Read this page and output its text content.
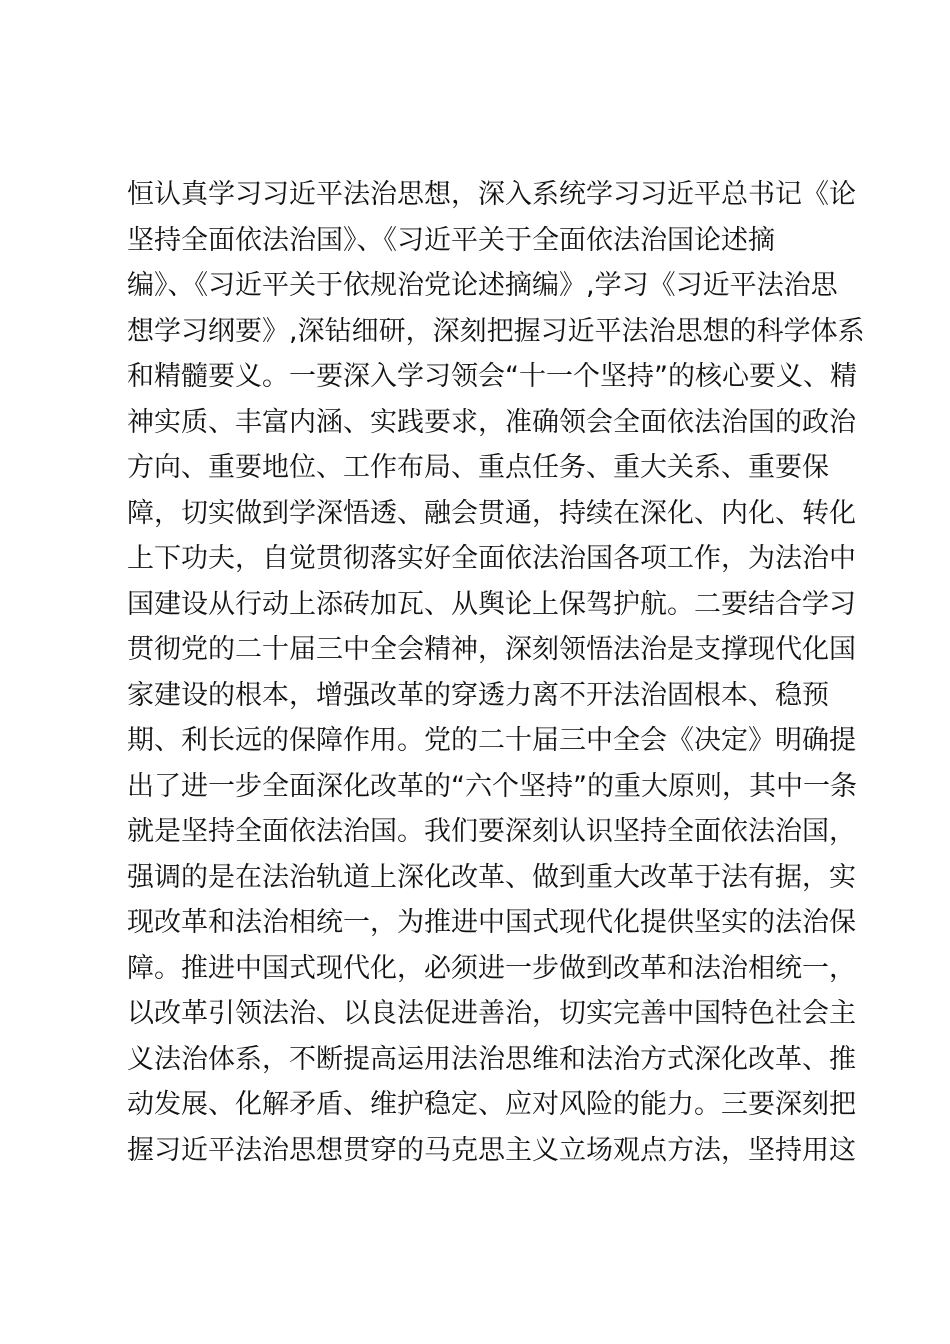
恒认真学习习近平法治思想，深入系统学习习近平总书记《论
坚持全面依法治国》、《习近平关于全面依法治国论述摘
编》、《习近平关于依规治党论述摘编》,学习《习近平法治思
想学习纲要》,深钻细研，深刻把握习近平法治思想的科学体系
和精髓要义。一要深入学习领会“十一个坚持”的核心要义、精
神实质、丰富内涵、实践要求，准确领会全面依法治国的政治
方向、重要地位、工作布局、重点任务、重大关系、重要保
障，切实做到学深悟透、融会贯通，持续在深化、内化、转化
上下功夫，自觉贯彻落实好全面依法治国各项工作，为法治中
国建设从行动上添砖加瓦、从舆论上保驾护航。二要结合学习
贯彻党的二十届三中全会精神，深刻领悟法治是支撑现代化国
家建设的根本，增强改革的穿透力离不开法治固根本、稳预
期、利长远的保障作用。党的二十届三中全会《决定》明确提
出了进一步全面深化改革的“六个坚持”的重大原则，其中一条
就是坚持全面依法治国。我们要深刻认识坚持全面依法治国，
强调的是在法治轨道上深化改革、做到重大改革于法有据，实
现改革和法治相统一，为推进中国式现代化提供坚实的法治保
障。推进中国式现代化，必须进一步做到改革和法治相统一，
以改革引领法治、以良法促进善治，切实完善中国特色社会主
义法治体系，不断提高运用法治思维和法治方式深化改革、推
动发展、化解矛盾、维护稳定、应对风险的能力。三要深刻把
握习近平法治思想贯穿的马克思主义立场观点方法，坚持用这
